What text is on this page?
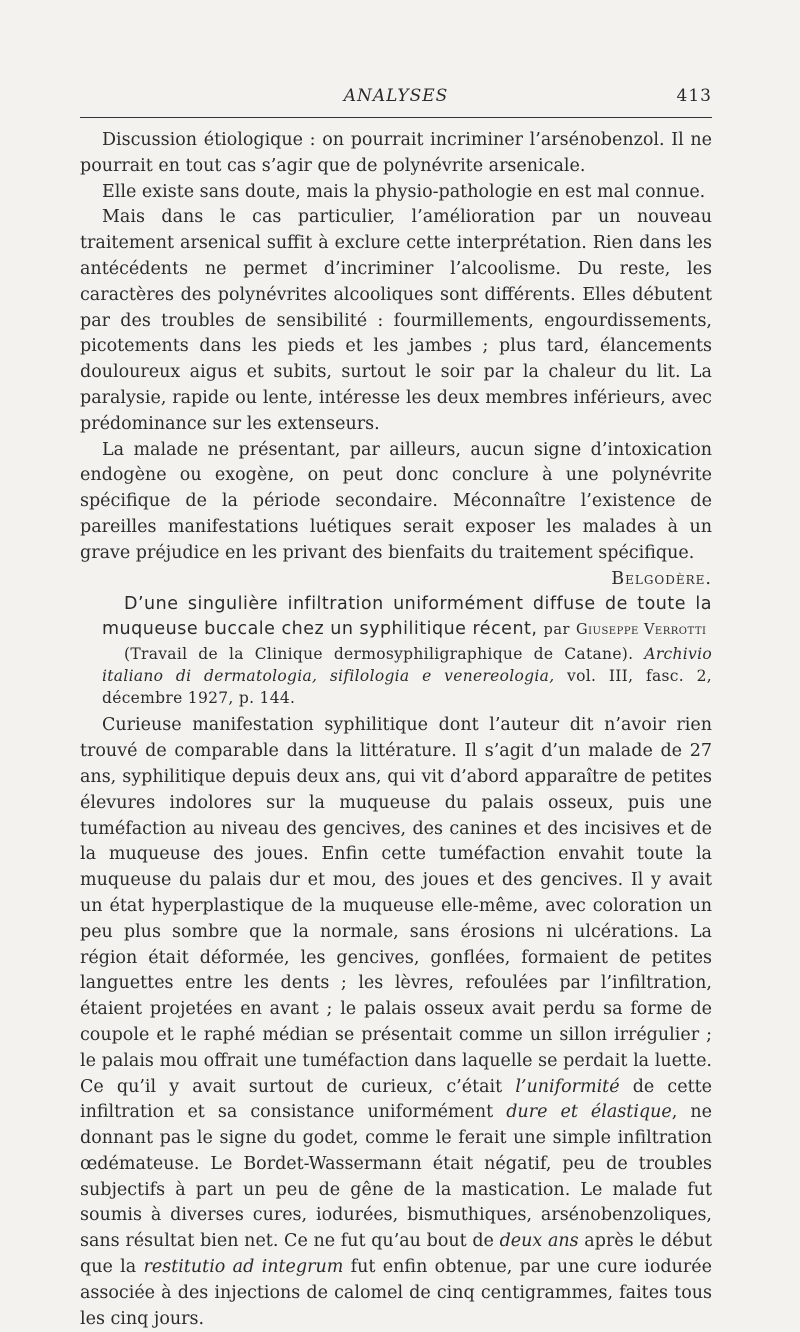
ANALYSES	413

Discussion étiologique : on pourrait incriminer l’arsénobenzol. Il ne pourrait en tout cas s’agir que de polynévrite arsenicale.

Elle existe sans doute, mais la physio-pathologie en est mal connue.

Mais dans le cas particulier, l’amélioration par un nouveau traitement arsenical suffit à exclure cette interprétation. Rien dans les antécédents ne permet d’incriminer l’alcoolisme. Du reste, les caractères des polynévrites alcooliques sont différents. Elles débutent par des troubles de sensibilité : fourmillements, engourdissements, picotements dans les pieds et les jambes ; plus tard, élancements douloureux aigus et subits, surtout le soir par la chaleur du lit. La paralysie, rapide ou lente, intéresse les deux membres inférieurs, avec prédominance sur les extenseurs.

La malade ne présentant, par ailleurs, aucun signe d’intoxication endogène ou exogène, on peut donc conclure à une polynévrite spécifique de la période secondaire. Méconnaître l’existence de pareilles manifestations luétiques serait exposer les malades à un grave préjudice en les privant des bienfaits du traitement spécifique.

Belgodère.

D’une singulière infiltration uniformément diffuse de toute la muqueuse buccale chez un syphilitique récent, par Giuseppe Verrotti

(Travail de la Clinique dermosyphiligraphique de Catane). Archivio italiano di dermatologia, sifilologia e venereologia, vol. III, fasc. 2, décembre 1927, p. 144.

Curieuse manifestation syphilitique dont l’auteur dit n’avoir rien trouvé de comparable dans la littérature. Il s’agit d’un malade de 27 ans, syphilitique depuis deux ans, qui vit d’abord apparaître de petites élevures indolores sur la muqueuse du palais osseux, puis une tuméfaction au niveau des gencives, des canines et des incisives et de la muqueuse des joues. Enfin cette tuméfaction envahit toute la muqueuse du palais dur et mou, des joues et des gencives. Il y avait un état hyperplastique de la muqueuse elle-même, avec coloration un peu plus sombre que la normale, sans érosions ni ulcérations. La région était déformée, les gencives, gonflées, formaient de petites languettes entre les dents ; les lèvres, refoulées par l’infiltration, étaient projetées en avant ; le palais osseux avait perdu sa forme de coupole et le raphé médian se présentait comme un sillon irrégulier ; le palais mou offrait une tuméfaction dans laquelle se perdait la luette. Ce qu’il y avait surtout de curieux, c’était l’uniformité de cette infiltration et sa consistance uniformément dure et élastique, ne donnant pas le signe du godet, comme le ferait une simple infiltration œdémateuse. Le Bordet-Wassermann était négatif, peu de troubles subjectifs à part un peu de gêne de la mastication. Le malade fut soumis à diverses cures, iodurées, bismuthiques, arsénobenzoliques, sans résultat bien net. Ce ne fut qu’au bout de deux ans après le début que la restitutio ad integrum fut enfin obtenue, par une cure iodurée associée à des injections de calomel de cinq centigrammes, faites tous les cinq jours.
